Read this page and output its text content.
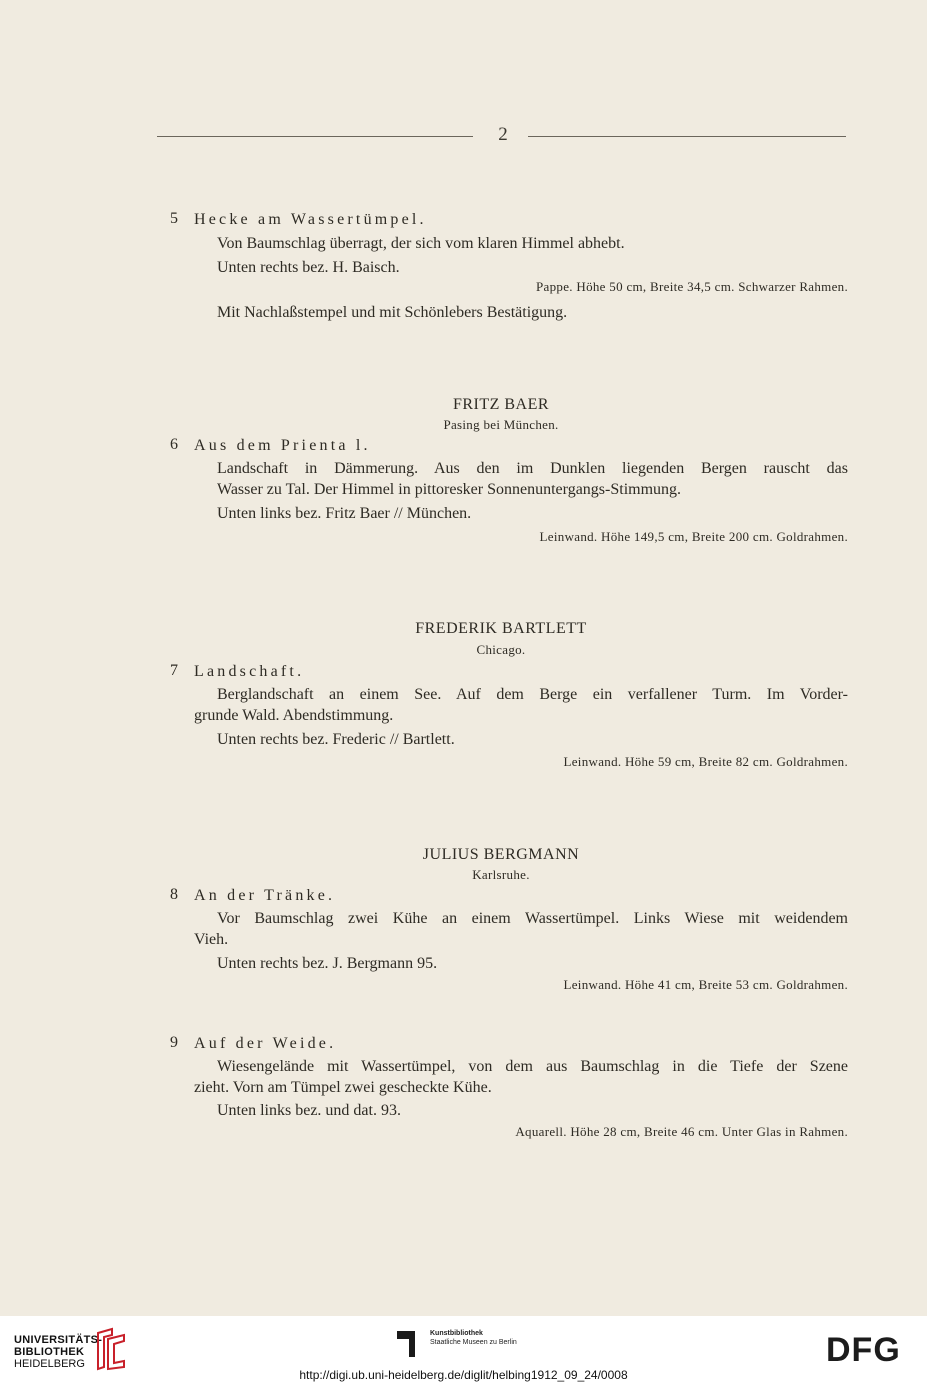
2
5 Hecke am Wassertümpel.
Von Baumschlag überragt, der sich vom klaren Himmel abhebt.
Unten rechts bez. H. Baisch.
Pappe. Höhe 50 cm, Breite 34,5 cm. Schwarzer Rahmen.
Mit Nachlaßstempel und mit Schönlebers Bestätigung.
FRITZ BAER
Pasing bei München.
6 Aus dem Prienta l.
Landschaft in Dämmerung. Aus den im Dunklen liegenden Bergen rauscht das
Wasser zu Tal. Der Himmel in pittoresker Sonnenuntergangs-Stimmung.
Unten links bez. Fritz Baer // München.
Leinwand. Höhe 149,5 cm, Breite 200 cm. Goldrahmen.
FREDERIK BARTLETT
Chicago.
7 Landschaft.
Berglandschaft an einem See. Auf dem Berge ein verfallener Turm. Im Vorder-
grunde Wald. Abendstimmung.
Unten rechts bez. Frederic // Bartlett.
Leinwand. Höhe 59 cm, Breite 82 cm. Goldrahmen.
JULIUS BERGMANN
Karlsruhe.
8 An der Tränke.
Vor Baumschlag zwei Kühe an einem Wassertümpel. Links Wiese mit weidendem
Vieh.
Unten rechts bez. J. Bergmann 95.
Leinwand. Höhe 41 cm, Breite 53 cm. Goldrahmen.
9 Auf der Weide.
Wiesengelände mit Wassertümpel, von dem aus Baumschlag in die Tiefe der Szene
zieht. Vorn am Tümpel zwei gescheckte Kühe.
Unten links bez. und dat. 93.
Aquarell. Höhe 28 cm, Breite 46 cm. Unter Glas in Rahmen.
UNIVERSITÄTS-
BIBLIOTHEK
HEIDELBERG
Kunstbibliothek
Staatliche Museen zu Berlin	DFG
http://digi.ub.uni-heidelberg.de/diglit/helbing1912_09_24/0008
